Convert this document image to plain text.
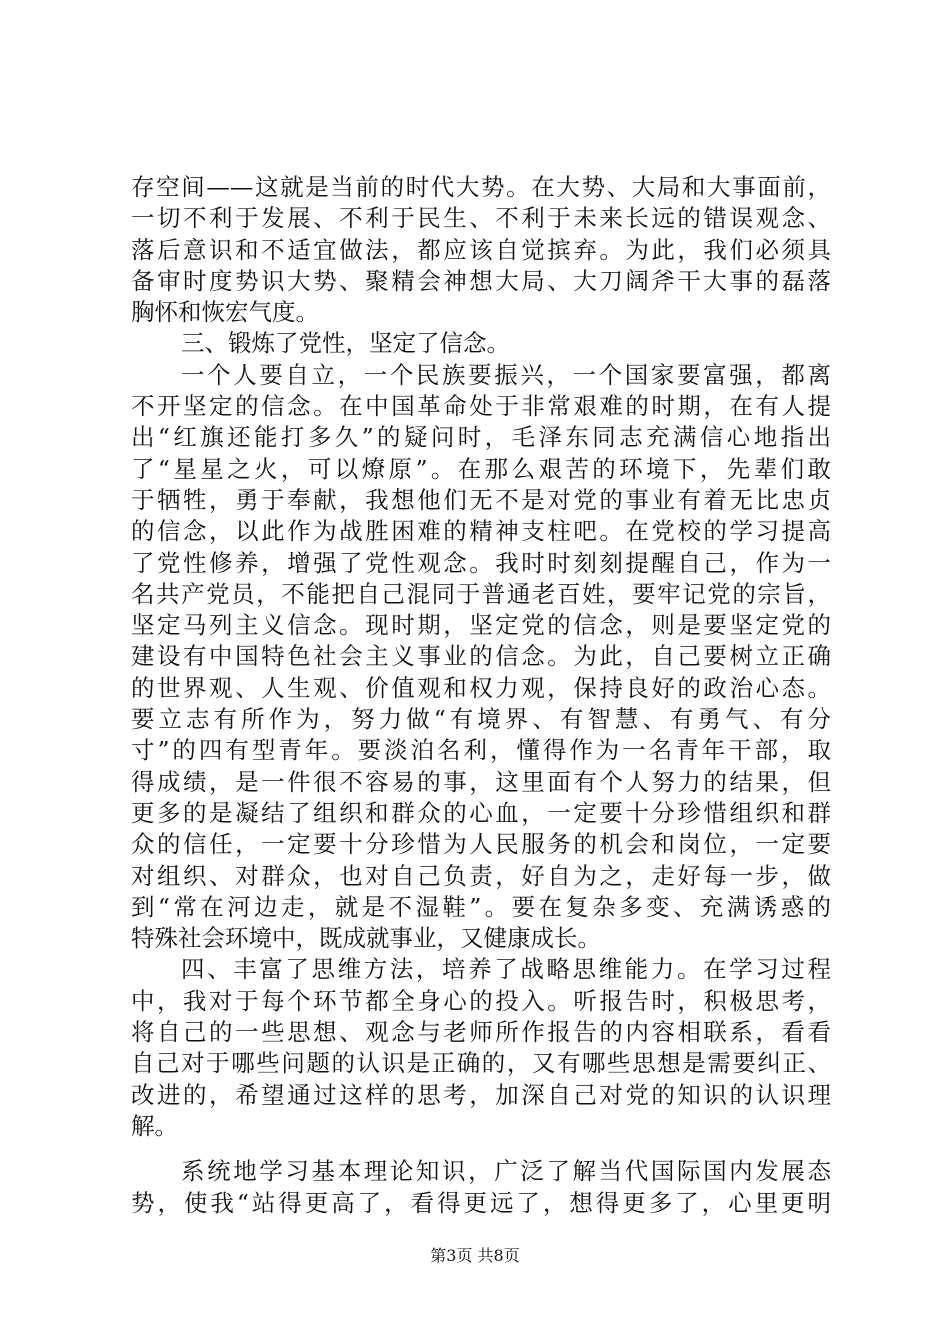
存空间——这就是当前的时代大势。在大势、大局和大事面前，
一切不利于发展、不利于民生、不利于未来长远的错误观念、
落后意识和不适宜做法，都应该自觉摈弃。为此，我们必须具
备审时度势识大势、聚精会神想大局、大刀阔斧干大事的磊落
胸怀和恢宏气度。
三、锻炼了党性，坚定了信念。
一个人要自立，一个民族要振兴，一个国家要富强，都离
不开坚定的信念。在中国革命处于非常艰难的时期，在有人提
出“红旗还能打多久”的疑问时，毛泽东同志充满信心地指出
了“星星之火，可以燎原”。在那么艰苦的环境下，先辈们敢
于牺牲，勇于奉献，我想他们无不是对党的事业有着无比忠贞
的信念，以此作为战胜困难的精神支柱吧。在党校的学习提高
了党性修养，增强了党性观念。我时时刻刻提醒自己，作为一
名共产党员，不能把自己混同于普通老百姓，要牢记党的宗旨，
坚定马列主义信念。现时期，坚定党的信念，则是要坚定党的
建设有中国特色社会主义事业的信念。为此，自己要树立正确
的世界观、人生观、价值观和权力观，保持良好的政治心态。
要立志有所作为，努力做“有境界、有智慧、有勇气、有分
寸”的四有型青年。要淡泊名利，懂得作为一名青年干部，取
得成绩，是一件很不容易的事，这里面有个人努力的结果，但
更多的是凝结了组织和群众的心血，一定要十分珍惜组织和群
众的信任，一定要十分珍惜为人民服务的机会和岗位，一定要
对组织、对群众，也对自己负责，好自为之，走好每一步，做
到“常在河边走，就是不湿鞋”。要在复杂多变、充满诱惑的
特殊社会环境中，既成就事业，又健康成长。
四、丰富了思维方法，培养了战略思维能力。在学习过程
中，我对于每个环节都全身心的投入。听报告时，积极思考，
将自己的一些思想、观念与老师所作报告的内容相联系，看看
自己对于哪些问题的认识是正确的，又有哪些思想是需要纠正、
改进的，希望通过这样的思考，加深自己对党的知识的认识理
解。
系统地学习基本理论知识，广泛了解当代国际国内发展态
势，使我“站得更高了，看得更远了，想得更多了，心里更明
第3页 共8页
